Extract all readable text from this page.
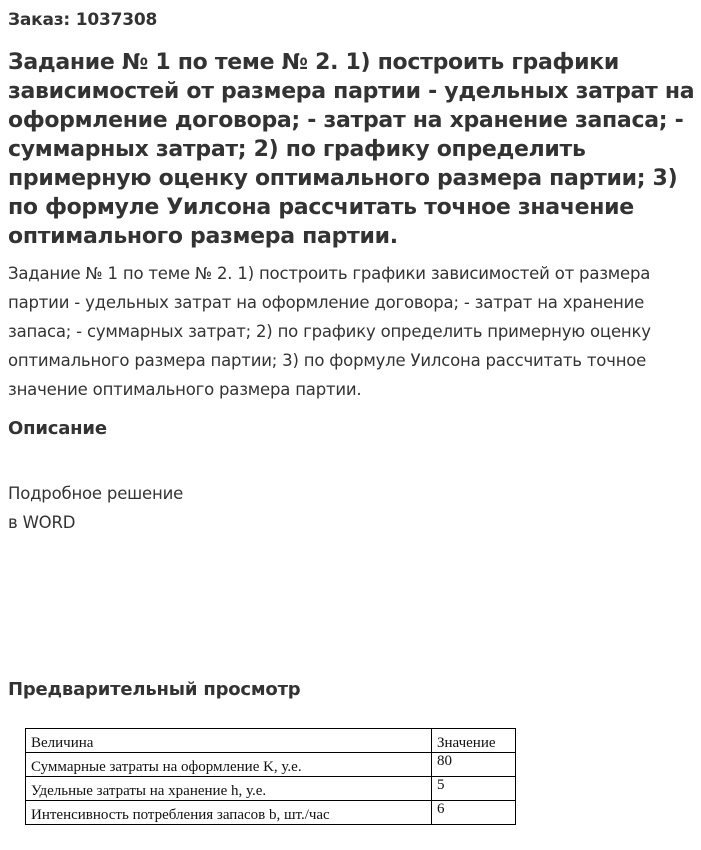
Заказ: 1037308
Задание № 1 по теме № 2. 1) построить графики зависимостей от размера партии - удельных затрат на оформление договора; - затрат на хранение запаса; - суммарных затрат; 2) по графику определить примерную оценку оптимального размера партии; 3) по формуле Уилсона рассчитать точное значение оптимального размера партии.

Задание № 1 по теме № 2. 1) построить графики зависимостей от размера партии - удельных затрат на оформление договора; - затрат на хранение запаса; - суммарных затрат; 2) по графику определить примерную оценку оптимального размера партии; 3) по формуле Уилсона рассчитать точное значение оптимального размера партии.

Описание
Подробное решение
в WORD
Предварительный просмотр
Величина	Значение
Суммарные затраты на оформление K, у.е.	80
Удельные затраты на хранение h, у.е.	5
Интенсивность потребления запасов b, шт./час	6
